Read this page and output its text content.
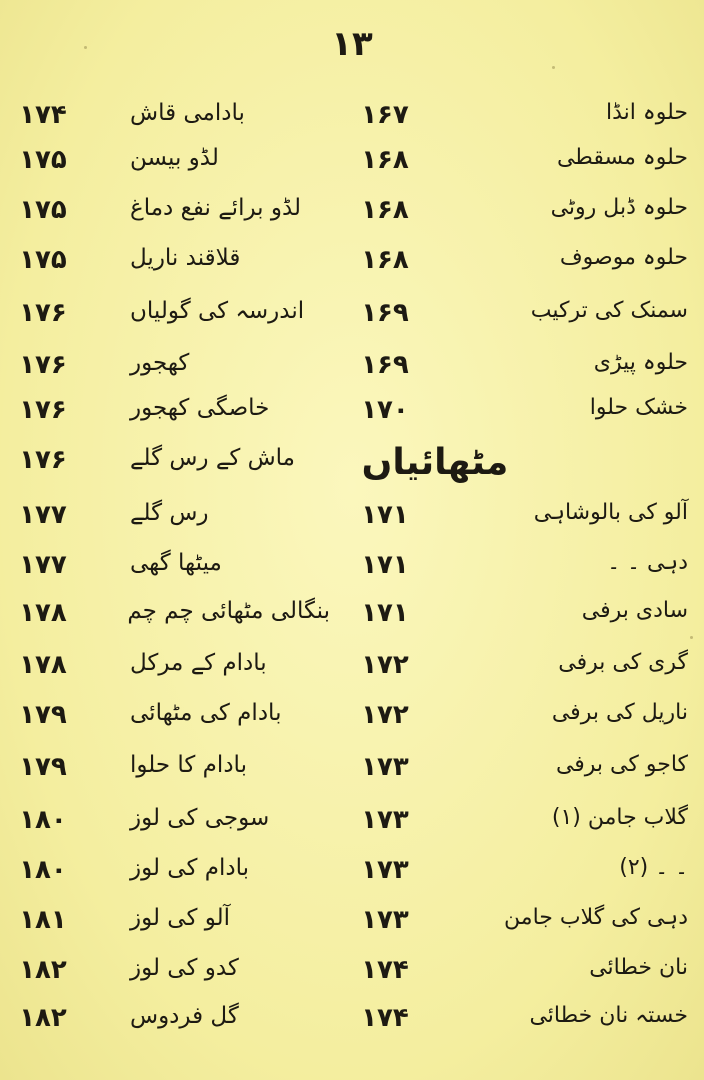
۱۳
حلوہ انڈا
۱۶۷
بادامی قاش
۱۷۴
حلوہ مسقطی
۱۶۸
لڈو بیسن
۱۷۵
حلوہ ڈبل روٹی
۱۶۸
لڈو برائے نفع دماغ
۱۷۵
حلوہ موصوف
۱۶۸
قلاقند ناریل
۱۷۵
سمنک کی ترکیب
۱۶۹
اندرسہ کی گولیاں
۱۷۶
حلوہ پیڑی
۱۶۹
کھجور
۱۷۶
خشک حلوا
۱۷۰
خاصگی کھجور
۱۷۶
مٹھائیاں
ماش کے رس گلے
۱۷۶
آلو کی بالوشاہی
۱۷۱
رس گلے
۱۷۷
دہی ۔ ۔
۱۷۱
میٹھا گھی
۱۷۷
سادی برفی
۱۷۱
بنگالی مٹھائی چم چم
۱۷۸
گری کی برفی
۱۷۲
بادام کے مرکل
۱۷۸
ناریل کی برفی
۱۷۲
بادام کی مٹھائی
۱۷۹
کاجو کی برفی
۱۷۳
بادام کا حلوا
۱۷۹
گلاب جامن (۱)
۱۷۳
سوجی کی لوز
۱۸۰
۔ ۔ (۲)
۱۷۳
بادام کی لوز
۱۸۰
دہی کی گلاب جامن
۱۷۳
آلو کی لوز
۱۸۱
نان خطائی
۱۷۴
کدو کی لوز
۱۸۲
خستہ نان خطائی
۱۷۴
گل فردوس
۱۸۲
